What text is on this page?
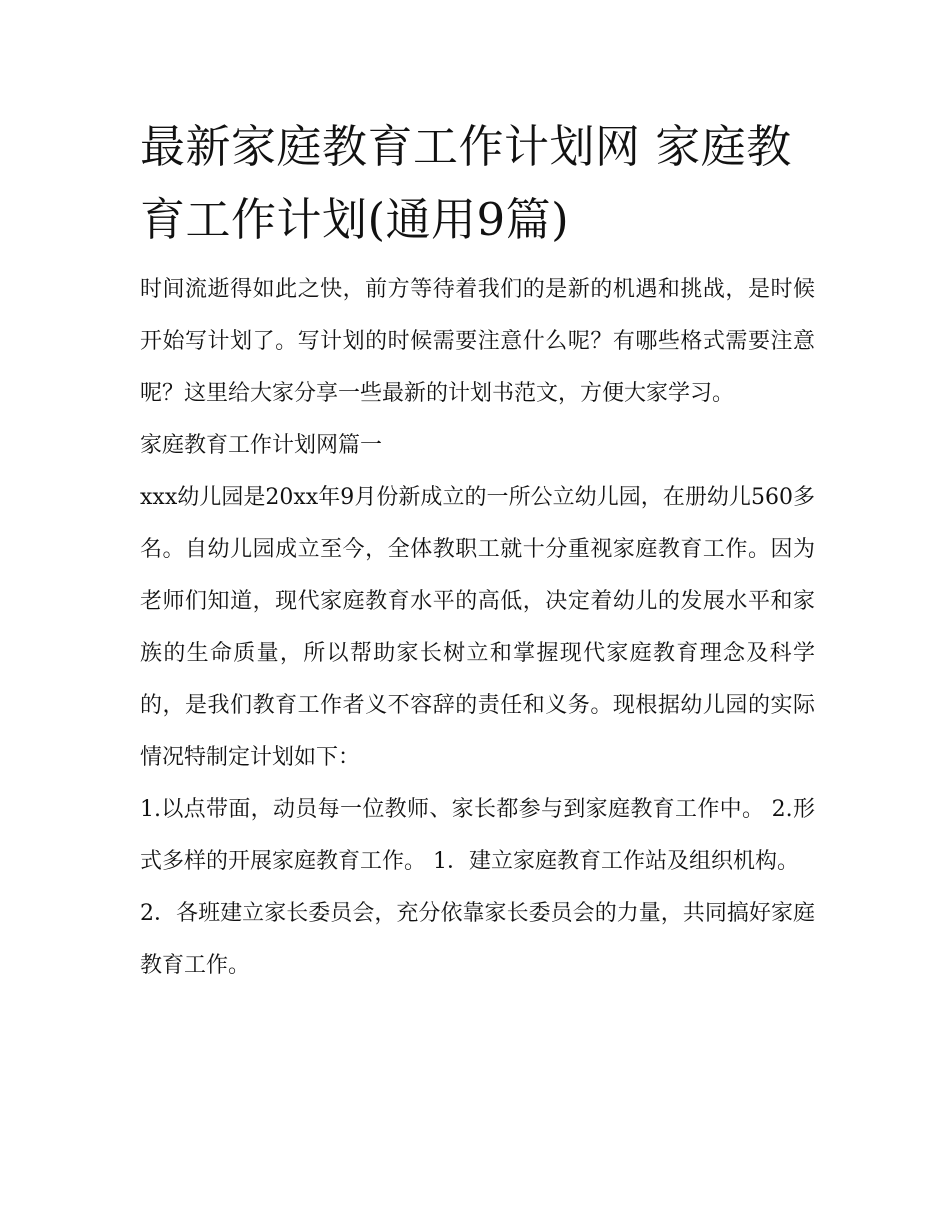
最新家庭教育工作计划网 家庭教育工作计划(通用9篇)

时间流逝得如此之快，前方等待着我们的是新的机遇和挑战，是时候开始写计划了。写计划的时候需要注意什么呢？有哪些格式需要注意呢？这里给大家分享一些最新的计划书范文，方便大家学习。

家庭教育工作计划网篇一

xxx幼儿园是20xx年9月份新成立的一所公立幼儿园，在册幼儿560多名。自幼儿园成立至今，全体教职工就十分重视家庭教育工作。因为老师们知道，现代家庭教育水平的高低，决定着幼儿的发展水平和家族的生命质量，所以帮助家长树立和掌握现代家庭教育理念及科学的，是我们教育工作者义不容辞的责任和义务。现根据幼儿园的实际情况特制定计划如下：

1.以点带面，动员每一位教师、家长都参与到家庭教育工作中。 2.形式多样的开展家庭教育工作。 1．建立家庭教育工作站及组织机构。

2．各班建立家长委员会，充分依靠家长委员会的力量，共同搞好家庭教育工作。
